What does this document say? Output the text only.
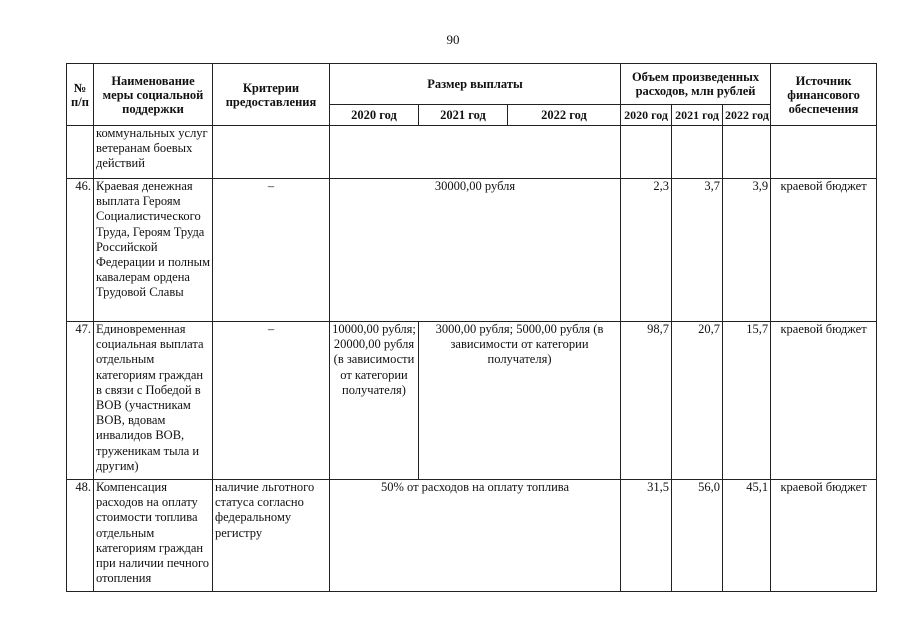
90
№ п/п	Наименование меры социальной поддержки	Критерии предоставления	Размер выплаты			Объем произведенных расходов, млн рублей			Источник финансового обеспечения
			2020 год	2021 год	2022 год	2020 год	2021 год	2022 год	
	коммунальных услуг ветеранам боевых действий								
46.	Краевая денежная выплата Героям Социалистического Труда, Героям Труда Российской Федерации и полным кавалерам ордена Трудовой Славы	–	30000,00 рубля			2,3	3,7	3,9	краевой бюджет
47.	Единовременная социальная выплата отдельным категориям граждан в связи с Победой в ВОВ (участникам ВОВ, вдовам инвалидов ВОВ, труженикам тыла и другим)	–	10000,00 рубля; 20000,00 рубля (в зависимости от категории получателя)	3000,00 рубля; 5000,00 рубля (в зависимости от категории получателя)		98,7	20,7	15,7	краевой бюджет
48.	Компенсация расходов на оплату стоимости топлива отдельным категориям граждан при наличии печного отопления	наличие льготного статуса согласно федеральному регистру	50% от расходов на оплату топлива			31,5	56,0	45,1	краевой бюджет
